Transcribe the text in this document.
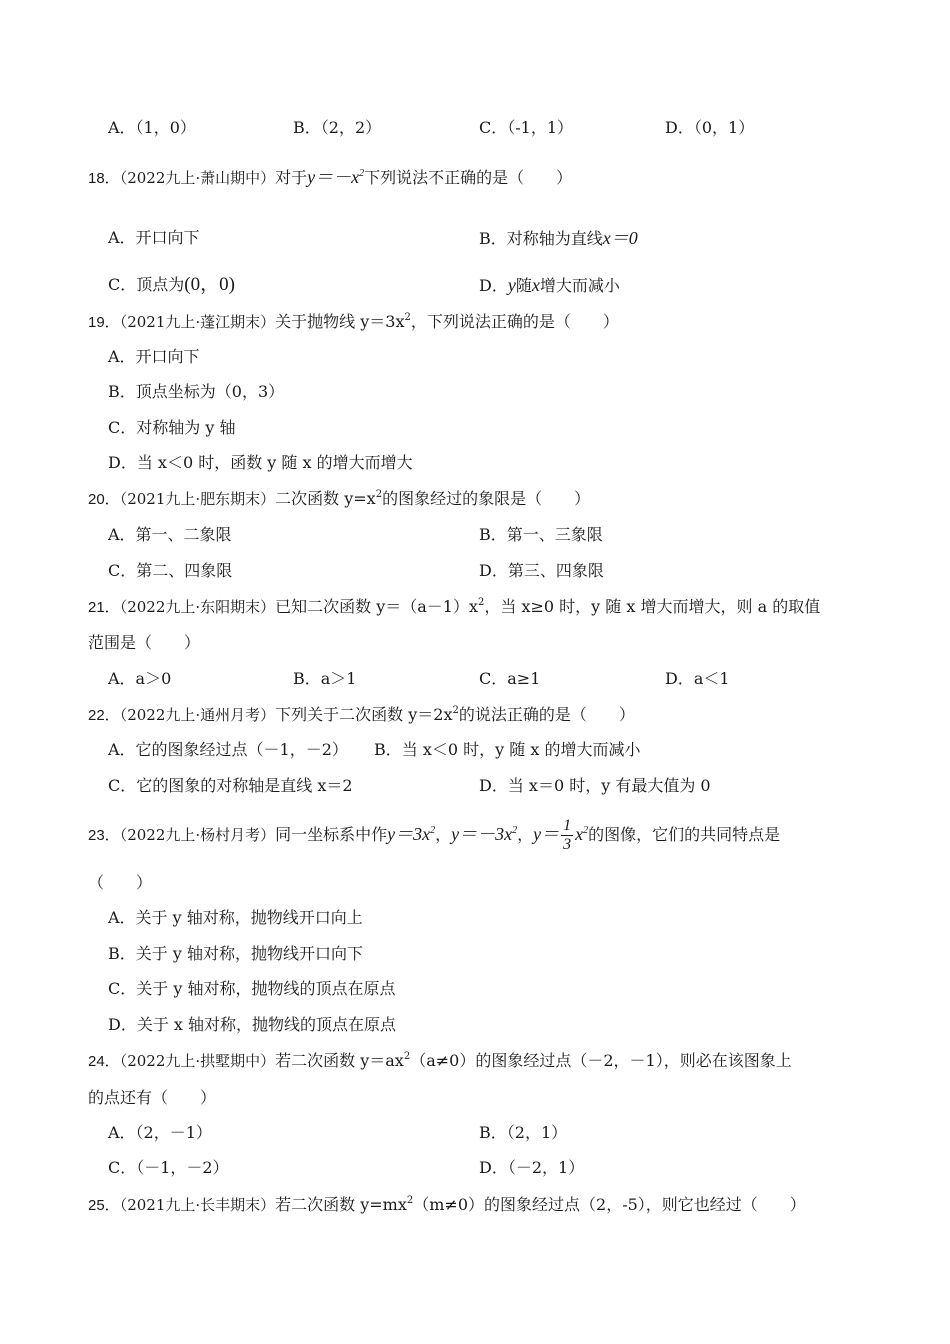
A．（1，0）	B．（2，2）	C．（-1，1）	D．（0，1）
18．（2022九上·萧山期中）对于$y=-x^2$下列说法不正确的是（　　）
A．开口向下	B．对称轴为直线x＝0
C．顶点为(0，0)	D．y随x增大而减小
19．（2021九上·蓬江期末）关于抛物线 $y=3x^2$，下列说法正确的是（　　）
A．开口向下
B．顶点坐标为（0，3）
C．对称轴为 y 轴
D．当 x＜0 时，函数 y 随 x 的增大而增大
20．（2021九上·肥东期末）二次函数 $y=x^2$的图象经过的象限是（　　）
A．第一、二象限	B．第一、三象限
C．第二、四象限	D．第三、四象限
21．（2022九上·东阳期末）已知二次函数 $y=(a-1)x^2$，当 x≥0 时，y 随 x 增大而增大，则 a 的取值
范围是（　　）
A．a＞0	B．a＞1	C．a≥1	D．a＜1
22．（2022九上·通州月考）下列关于二次函数 $y=2x^2$的说法正确的是（　　）
A．它的图象经过点（－1，－2） B．当 x＜0 时，y 随 x 的增大而减小
C．它的图象的对称轴是直线 x＝2	D．当 x＝0 时，y 有最大值为 0
23．（2022九上·杨村月考）同一坐标系中作$y=3x^2$，$y=-3x^2$，$y= \frac{1}{3} x^2$的图像，它们的共同特点是
（　　）
A．关于 y 轴对称，抛物线开口向上
B．关于 y 轴对称，抛物线开口向下
C．关于 y 轴对称，抛物线的顶点在原点
D．关于 x 轴对称，抛物线的顶点在原点
24．（2022九上·拱墅期中）若二次函数 $y=ax^2(a\ne 0)$的图象经过点（－2，－1），则必在该图象上
的点还有（　　）
A．（2，－1）	B．（2，1）
C．（－1，－2）	D．（－2，1）
25．（2021九上·长丰期末）若二次函数 $y=mx^2(m\ne 0)$的图象经过点（2，-5），则它也经过（　　）
